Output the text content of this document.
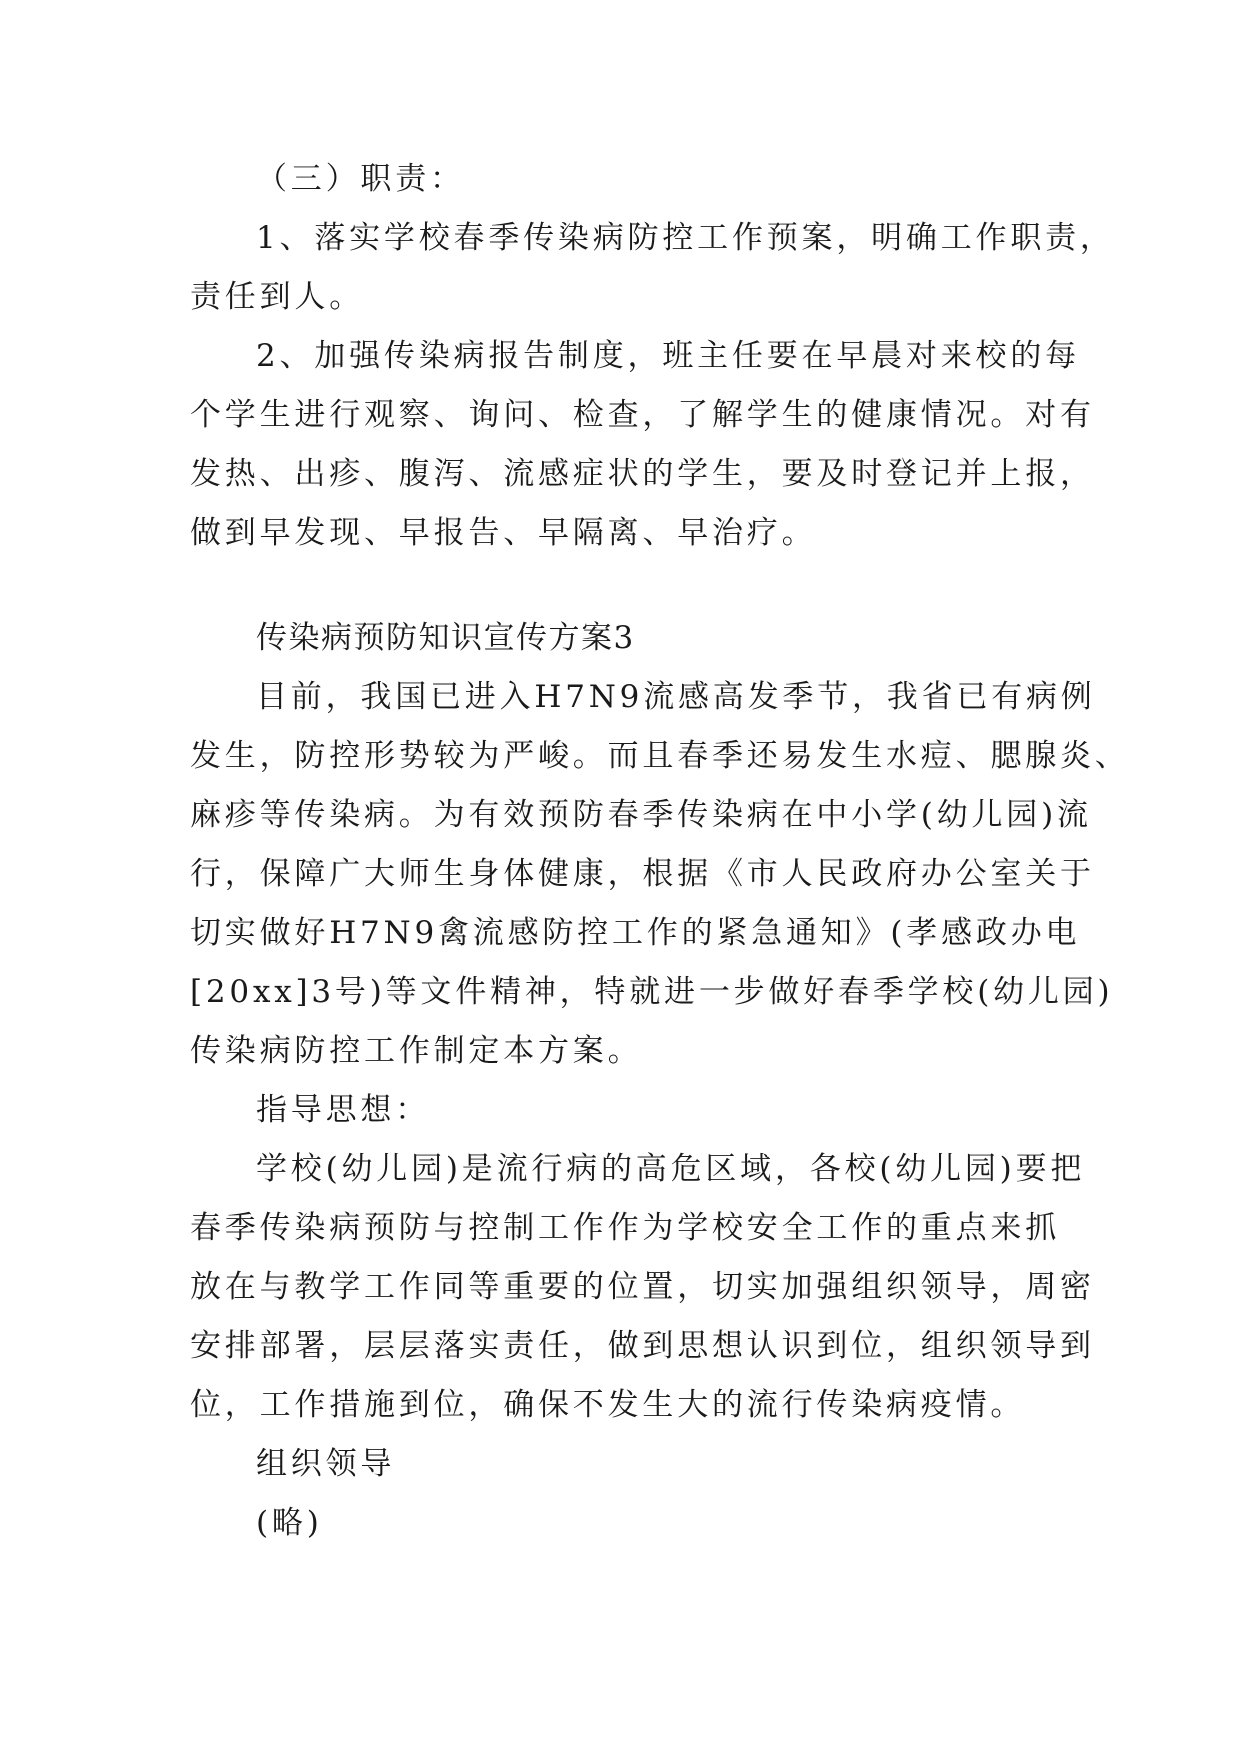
（三）职责：
1、落实学校春季传染病防控工作预案，明确工作职责，
责任到人。
2、加强传染病报告制度，班主任要在早晨对来校的每
个学生进行观察、询问、检查，了解学生的健康情况。对有
发热、出疹、腹泻、流感症状的学生，要及时登记并上报，
做到早发现、早报告、早隔离、早治疗。
传染病预防知识宣传方案3
目前，我国已进入H7N9流感高发季节，我省已有病例
发生，防控形势较为严峻。而且春季还易发生水痘、腮腺炎、
麻疹等传染病。为有效预防春季传染病在中小学(幼儿园)流
行，保障广大师生身体健康，根据《市人民政府办公室关于
切实做好H7N9禽流感防控工作的紧急通知》(孝感政办电
[20xx]3号)等文件精神，特就进一步做好春季学校(幼儿园)
传染病防控工作制定本方案。
指导思想：
学校(幼儿园)是流行病的高危区域，各校(幼儿园)要把
春季传染病预防与控制工作作为学校安全工作的重点来抓
放在与教学工作同等重要的位置，切实加强组织领导，周密
安排部署，层层落实责任，做到思想认识到位，组织领导到
位，工作措施到位，确保不发生大的流行传染病疫情。
组织领导
(略)
